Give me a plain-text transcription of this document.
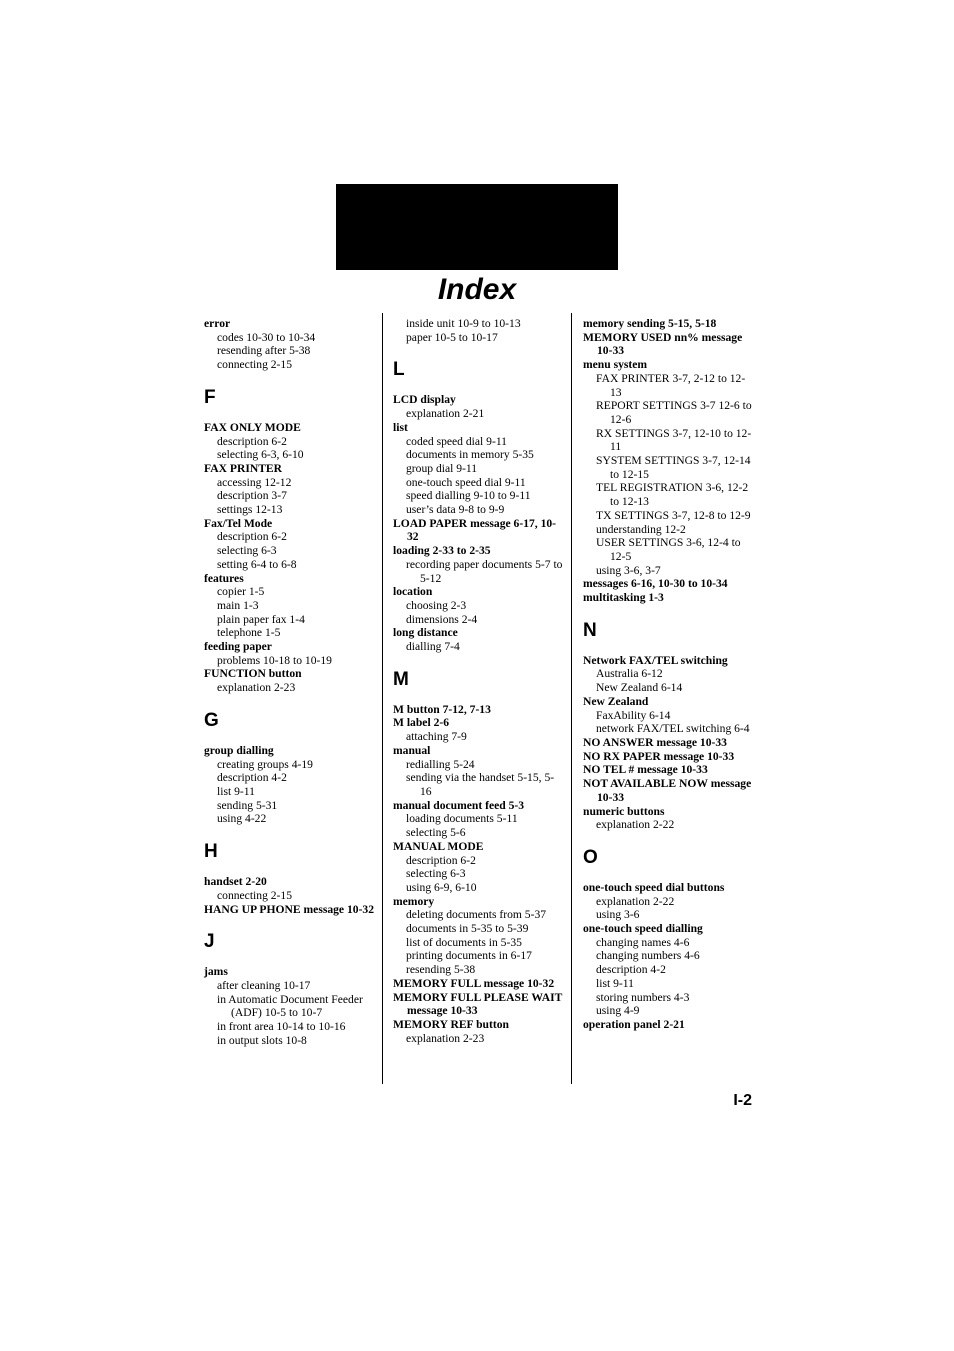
Index
error
codes 10-30 to 10-34
resending after 5-38
connecting 2-15
F
FAX ONLY MODE
description 6-2
selecting 6-3, 6-10
FAX PRINTER
accessing 12-12
description 3-7
settings 12-13
Fax/Tel Mode
description 6-2
selecting 6-3
setting 6-4 to 6-8
features
copier 1-5
main 1-3
plain paper fax 1-4
telephone 1-5
feeding paper
problems 10-18 to 10-19
FUNCTION button
explanation 2-23
G
group dialling
creating groups 4-19
description 4-2
list 9-11
sending 5-31
using 4-22
H
handset 2-20
connecting 2-15
HANG UP PHONE message 10-32
J
jams
after cleaning 10-17
in Automatic Document Feeder (ADF) 10-5 to 10-7
in front area 10-14 to 10-16
in output slots 10-8
inside unit 10-9 to 10-13
paper 10-5 to 10-17
L
LCD display
explanation 2-21
list
coded speed dial 9-11
documents in memory 5-35
group dial 9-11
one-touch speed dial 9-11
speed dialling 9-10 to 9-11
user’s data 9-8 to 9-9
LOAD PAPER message 6-17, 10-32
loading 2-33 to 2-35
recording paper documents 5-7 to 5-12
location
choosing 2-3
dimensions 2-4
long distance
dialling 7-4
M
M button 7-12, 7-13
M label 2-6
attaching 7-9
manual
redialling 5-24
sending via the handset 5-15, 5-16
manual document feed 5-3
loading documents 5-11
selecting 5-6
MANUAL MODE
description 6-2
selecting 6-3
using 6-9, 6-10
memory
deleting documents from 5-37
documents in 5-35 to 5-39
list of documents in 5-35
printing documents in 6-17
resending 5-38
MEMORY FULL message 10-32
MEMORY FULL PLEASE WAIT message 10-33
MEMORY REF button
explanation 2-23
memory sending 5-15, 5-18
MEMORY USED nn% message 10-33
menu system
FAX PRINTER 3-7, 2-12 to 12-13
REPORT SETTINGS 3-7 12-6 to 12-6
RX SETTINGS 3-7, 12-10 to 12-11
SYSTEM SETTINGS 3-7, 12-14 to 12-15
TEL REGISTRATION 3-6, 12-2 to 12-13
TX SETTINGS 3-7, 12-8 to 12-9
understanding 12-2
USER SETTINGS 3-6, 12-4 to 12-5
using 3-6, 3-7
messages 6-16, 10-30 to 10-34
multitasking 1-3
N
Network FAX/TEL switching
Australia 6-12
New Zealand 6-14
New Zealand
FaxAbility 6-14
network FAX/TEL switching 6-4
NO ANSWER message 10-33
NO RX PAPER message 10-33
NO TEL # message 10-33
NOT AVAILABLE NOW message 10-33
numeric buttons
explanation 2-22
O
one-touch speed dial buttons
explanation 2-22
using 3-6
one-touch speed dialling
changing names 4-6
changing numbers 4-6
description 4-2
list 9-11
storing numbers 4-3
using 4-9
operation panel 2-21
I-2
